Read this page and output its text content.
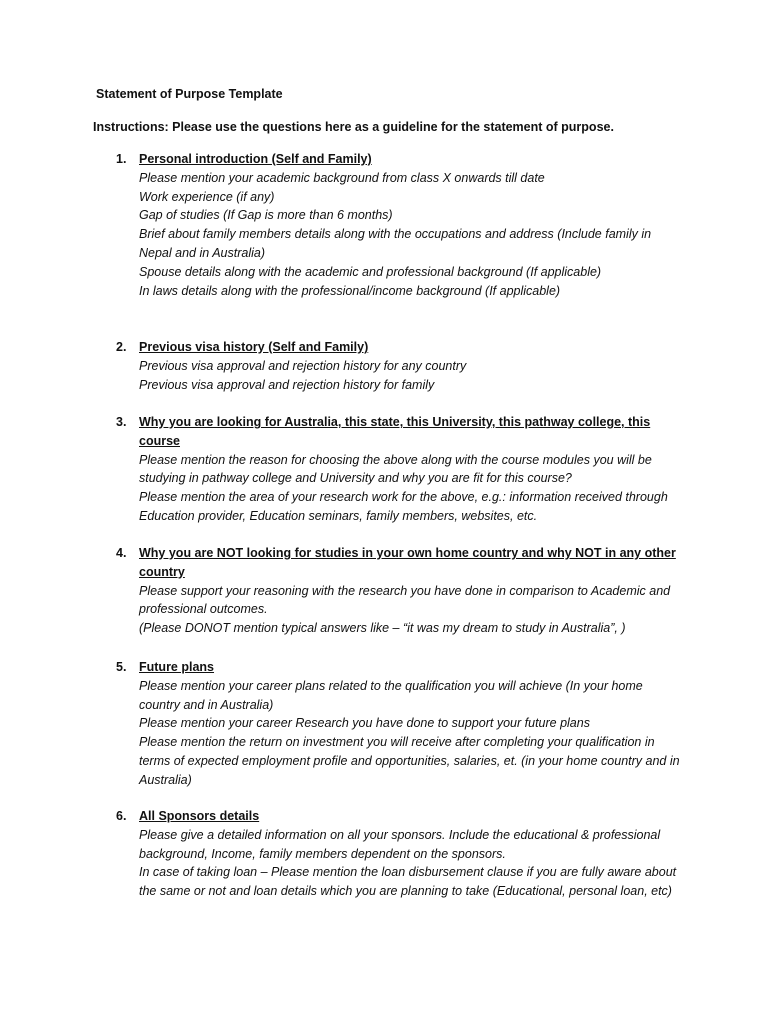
Statement of Purpose Template
Instructions: Please use the questions here as a guideline for the statement of purpose.
1. Personal introduction (Self and Family)

Please mention your academic background from class X onwards till date

Work experience (if any)

Gap of studies (If Gap is more than 6 months)

Brief about family members details along with the occupations and address (Include family in Nepal and in Australia)

Spouse details along with the academic and professional background (If applicable)

In laws details along with the professional/income background (If applicable)

2. Previous visa history (Self and Family)

Previous visa approval and rejection history for any country

Previous visa approval and rejection history for family

3. Why you are looking for Australia, this state, this University, this pathway college, this course

Please mention the reason for choosing the above along with the course modules you will be studying in pathway college and University and why you are fit for this course?

Please mention the area of your research work for the above, e.g.: information received through Education provider, Education seminars, family members, websites, etc.

4. Why you are NOT looking for studies in your own home country and why NOT in any other country

Please support your reasoning with the research you have done in comparison to Academic and professional outcomes.

(Please DONOT mention typical answers like – “it was my dream to study in Australia”, )

5. Future plans

Please mention your career plans related to the qualification you will achieve (In your home country and in Australia)

Please mention your career Research you have done to support your future plans

Please mention the return on investment you will receive after completing your qualification in terms of expected employment profile and opportunities, salaries, et. (in your home country and in Australia)

6. All Sponsors details

Please give a detailed information on all your sponsors. Include the educational & professional background, Income, family members dependent on the sponsors.

In case of taking loan – Please mention the loan disbursement clause if you are fully aware about the same or not and loan details which you are planning to take (Educational, personal loan, etc)
